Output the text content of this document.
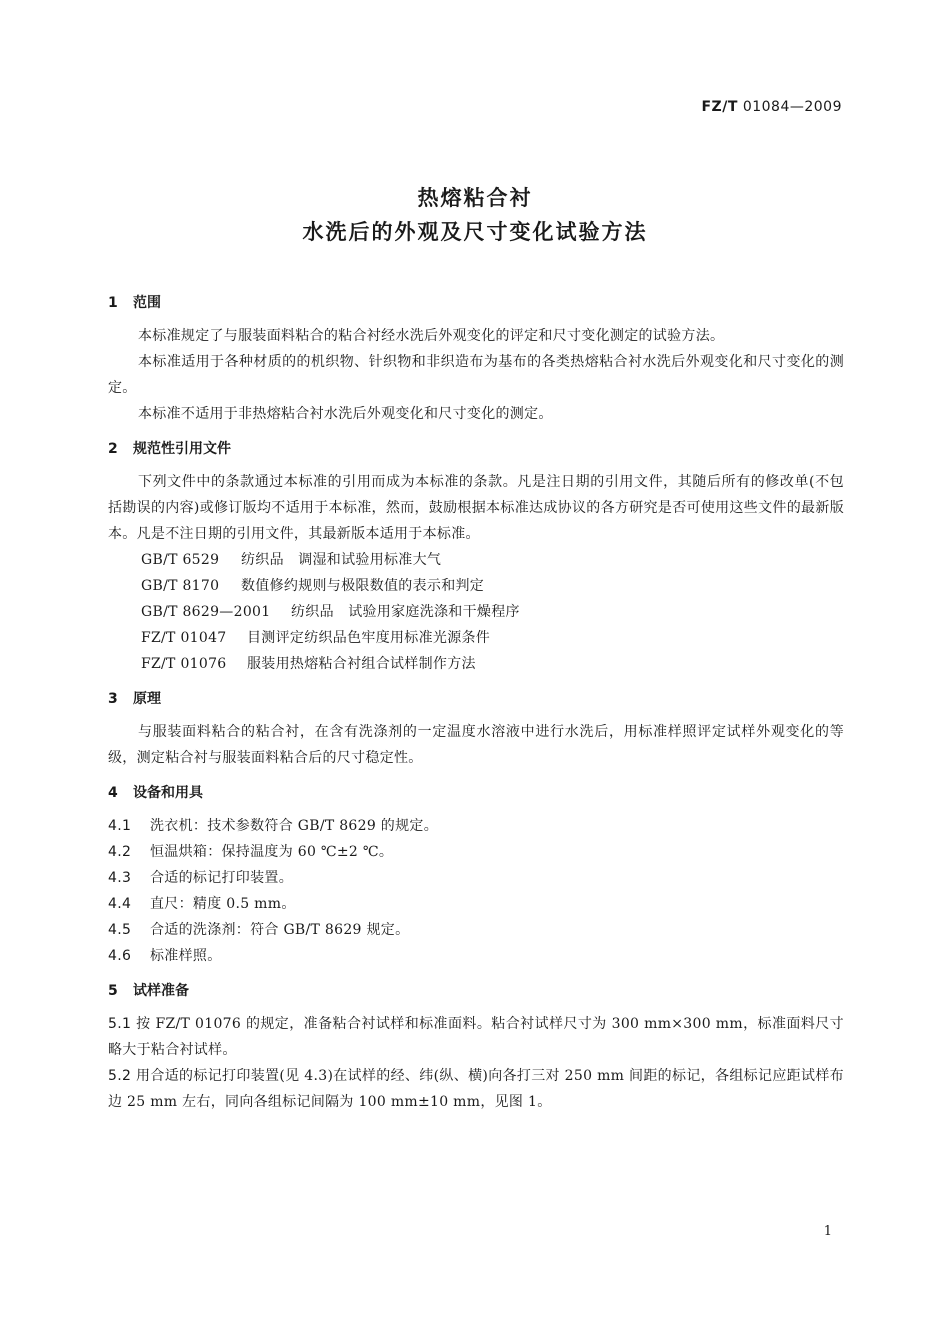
FZ/T 01084—2009
热熔粘合衬
水洗后的外观及尺寸变化试验方法
1 范围
本标准规定了与服装面料粘合的粘合衬经水洗后外观变化的评定和尺寸变化测定的试验方法。
本标准适用于各种材质的的机织物、针织物和非织造布为基布的各类热熔粘合衬水洗后外观变化和尺寸变化的测定。
本标准不适用于非热熔粘合衬水洗后外观变化和尺寸变化的测定。
2 规范性引用文件
下列文件中的条款通过本标准的引用而成为本标准的条款。凡是注日期的引用文件，其随后所有的修改单(不包括勘误的内容)或修订版均不适用于本标准，然而，鼓励根据本标准达成协议的各方研究是否可使用这些文件的最新版本。凡是不注日期的引用文件，其最新版本适用于本标准。
GB/T 6529 纺织品　调湿和试验用标准大气
GB/T 8170 数值修约规则与极限数值的表示和判定
GB/T 8629—2001 纺织品　试验用家庭洗涤和干燥程序
FZ/T 01047 目测评定纺织品色牢度用标准光源条件
FZ/T 01076 服装用热熔粘合衬组合试样制作方法
3 原理
与服装面料粘合的粘合衬，在含有洗涤剂的一定温度水溶液中进行水洗后，用标准样照评定试样外观变化的等级，测定粘合衬与服装面料粘合后的尺寸稳定性。
4 设备和用具
4.1 洗衣机：技术参数符合 GB/T 8629 的规定。
4.2 恒温烘箱：保持温度为 60 ℃±2 ℃。
4.3 合适的标记打印装置。
4.4 直尺：精度 0.5 mm。
4.5 合适的洗涤剂：符合 GB/T 8629 规定。
4.6 标准样照。
5 试样准备
5.1 按 FZ/T 01076 的规定，准备粘合衬试样和标准面料。粘合衬试样尺寸为 300 mm×300 mm，标准面料尺寸略大于粘合衬试样。
5.2 用合适的标记打印装置(见 4.3)在试样的经、纬(纵、横)向各打三对 250 mm 间距的标记，各组标记应距试样布边 25 mm 左右，同向各组标记间隔为 100 mm±10 mm，见图 1。
1
